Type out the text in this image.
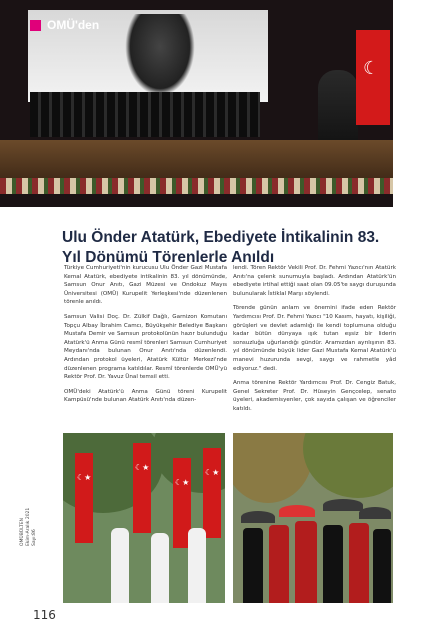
☾
OMÜ'den
Ulu Önder Atatürk, Ebediyete İntikalinin 83. Yıl Dönümü Törenlerle Anıldı

Türkiye Cumhuriyeti'nin kurucusu Ulu Önder Gazi Mustafa Kemal Atatürk, ebediyete intikalinin 83. yıl dönümünde, Samsun Onur Anıtı, Gazi Müzesi ve Ondokuz Mayıs Üniversitesi (OMÜ) Kurupelit Yerleşkesi'nde düzenlenen törenle anıldı.

Samsun Valisi Doç. Dr. Zülkif Dağlı, Garnizon Komutanı Topçu Albay İbrahim Camcı, Büyükşehir Belediye Başkanı Mustafa Demir ve Samsun protokolünün hazır bulunduğu Atatürk'ü Anma Günü resmî törenleri Samsun Cumhuriyet Meydanı'nda bulunan Onur Anıtı'nda düzenlendi. Ardından protokol üyeleri, Atatürk Kültür Merkezi'nde düzenlenen programa katıldılar. Resmî törenlerde OMÜ'yü Rektör Prof. Dr. Yavuz Ünal temsil etti.

OMÜ'deki Atatürk'ü Anma Günü töreni Kurupelit Kampüsü'nde bulunan Atatürk Anıtı'nda düzen-

lendi. Tören Rektör Vekili Prof. Dr. Fehmi Yazıcı'nın Atatürk Anıtı'na çelenk sunumuyla başladı. Ardından Atatürk'ün ebediyete irtihal ettiği saat olan 09.05'te saygı duruşunda bulunularak İstiklal Marşı söylendi.

Törende günün anlam ve önemini ifade eden Rektör Yardımcısı Prof. Dr. Fehmi Yazıcı "10 Kasım, hayatı, kişiliği, görüşleri ve devlet adamlığı ile kendi toplumuna olduğu kadar bütün dünyaya ışık tutan eşsiz bir liderin sonsuzluğa uğurlandığı gündür. Aramızdan ayrılışının 83. yıl dönümünde büyük lider Gazi Mustafa Kemal Atatürk'ü manevi huzurunda sevgi, saygı ve rahmetle yâd ediyoruz." dedi.

Anma törenine Rektör Yardımcısı Prof. Dr. Cengiz Batuk, Genel Sekreter Prof. Dr. Hüseyin Gençcelep, senato üyeleri, akademisyenler, çok sayıda çalışan ve öğrenciler katıldı.

☾★
☾★
☾★
☾★
OMÜBÜLTEN Ekim-Aralık 2021 Sayı:86
116
